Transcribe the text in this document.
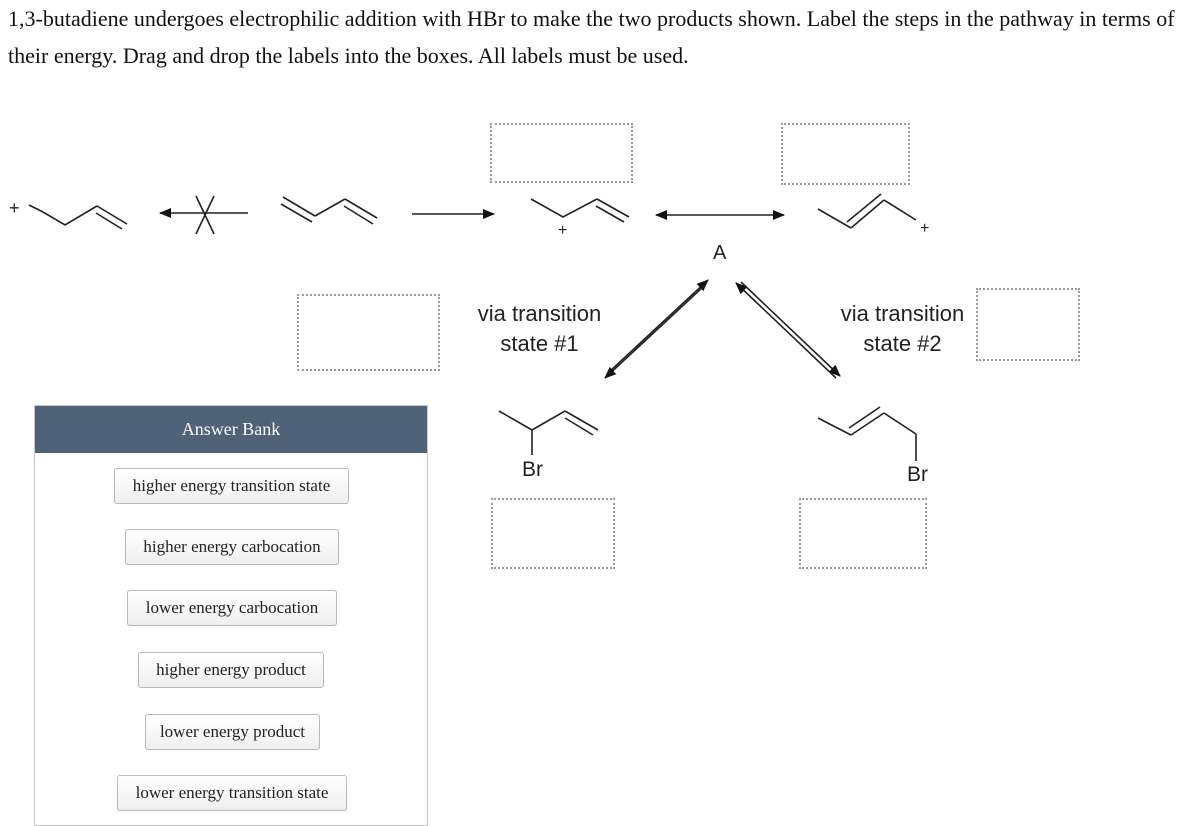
1,3-butadiene undergoes electrophilic addition with HBr to make the two products shown. Label the steps in the pathway in terms of their energy. Drag and drop the labels into the boxes. All labels must be used.
+
+	+
A
Br	Br
via transition
state #1
via transition
state #2
Answer Bank
higher energy transition state
higher energy carbocation
lower energy carbocation
higher energy product
lower energy product
lower energy transition state
